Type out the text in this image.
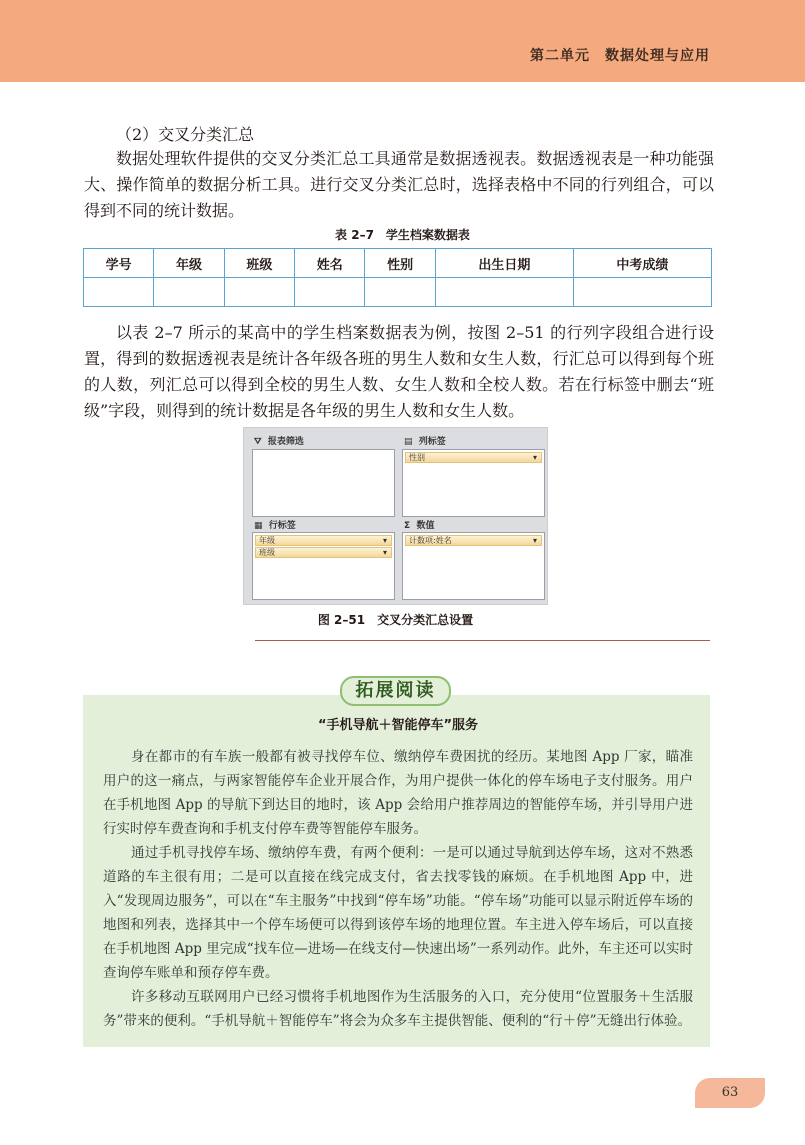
第二单元　数据处理与应用
（2）交叉分类汇总
数据处理软件提供的交叉分类汇总工具通常是数据透视表。数据透视表是一种功能强大、操作简单的数据分析工具。进行交叉分类汇总时，选择表格中不同的行列组合，可以得到不同的统计数据。
表 2–7　学生档案数据表
学号	年级	班级	姓名	性别	出生日期	中考成绩

以表 2–7 所示的某高中的学生档案数据表为例，按图 2–51 的行列字段组合进行设置，得到的数据透视表是统计各年级各班的男生人数和女生人数，行汇总可以得到每个班的人数，列汇总可以得到全校的男生人数、女生人数和全校人数。若在行标签中删去“班级”字段，则得到的统计数据是各年级的男生人数和女生人数。
⛛ 报表筛选	▤ 列标签
性别 ▾
▦ 行标签
年级 ▾
班级 ▾
Σ 数值
计数项:姓名 ▾
图 2–51　交叉分类汇总设置
拓展阅读
“手机导航＋智能停车”服务
身在都市的有车族一般都有被寻找停车位、缴纳停车费困扰的经历。某地图 App 厂家，瞄准用户的这一痛点，与两家智能停车企业开展合作，为用户提供一体化的停车场电子支付服务。用户在手机地图 App 的导航下到达目的地时，该 App 会给用户推荐周边的智能停车场，并引导用户进行实时停车费查询和手机支付停车费等智能停车服务。
通过手机寻找停车场、缴纳停车费，有两个便利：一是可以通过导航到达停车场，这对不熟悉道路的车主很有用；二是可以直接在线完成支付，省去找零钱的麻烦。在手机地图 App 中，进入“发现周边服务”，可以在“车主服务”中找到“停车场”功能。“停车场”功能可以显示附近停车场的地图和列表，选择其中一个停车场便可以得到该停车场的地理位置。车主进入停车场后，可以直接在手机地图 App 里完成“找车位—进场—在线支付—快速出场”一系列动作。此外，车主还可以实时查询停车账单和预存停车费。
许多移动互联网用户已经习惯将手机地图作为生活服务的入口，充分使用“位置服务＋生活服务”带来的便利。“手机导航＋智能停车”将会为众多车主提供智能、便利的“行＋停”无缝出行体验。
63
